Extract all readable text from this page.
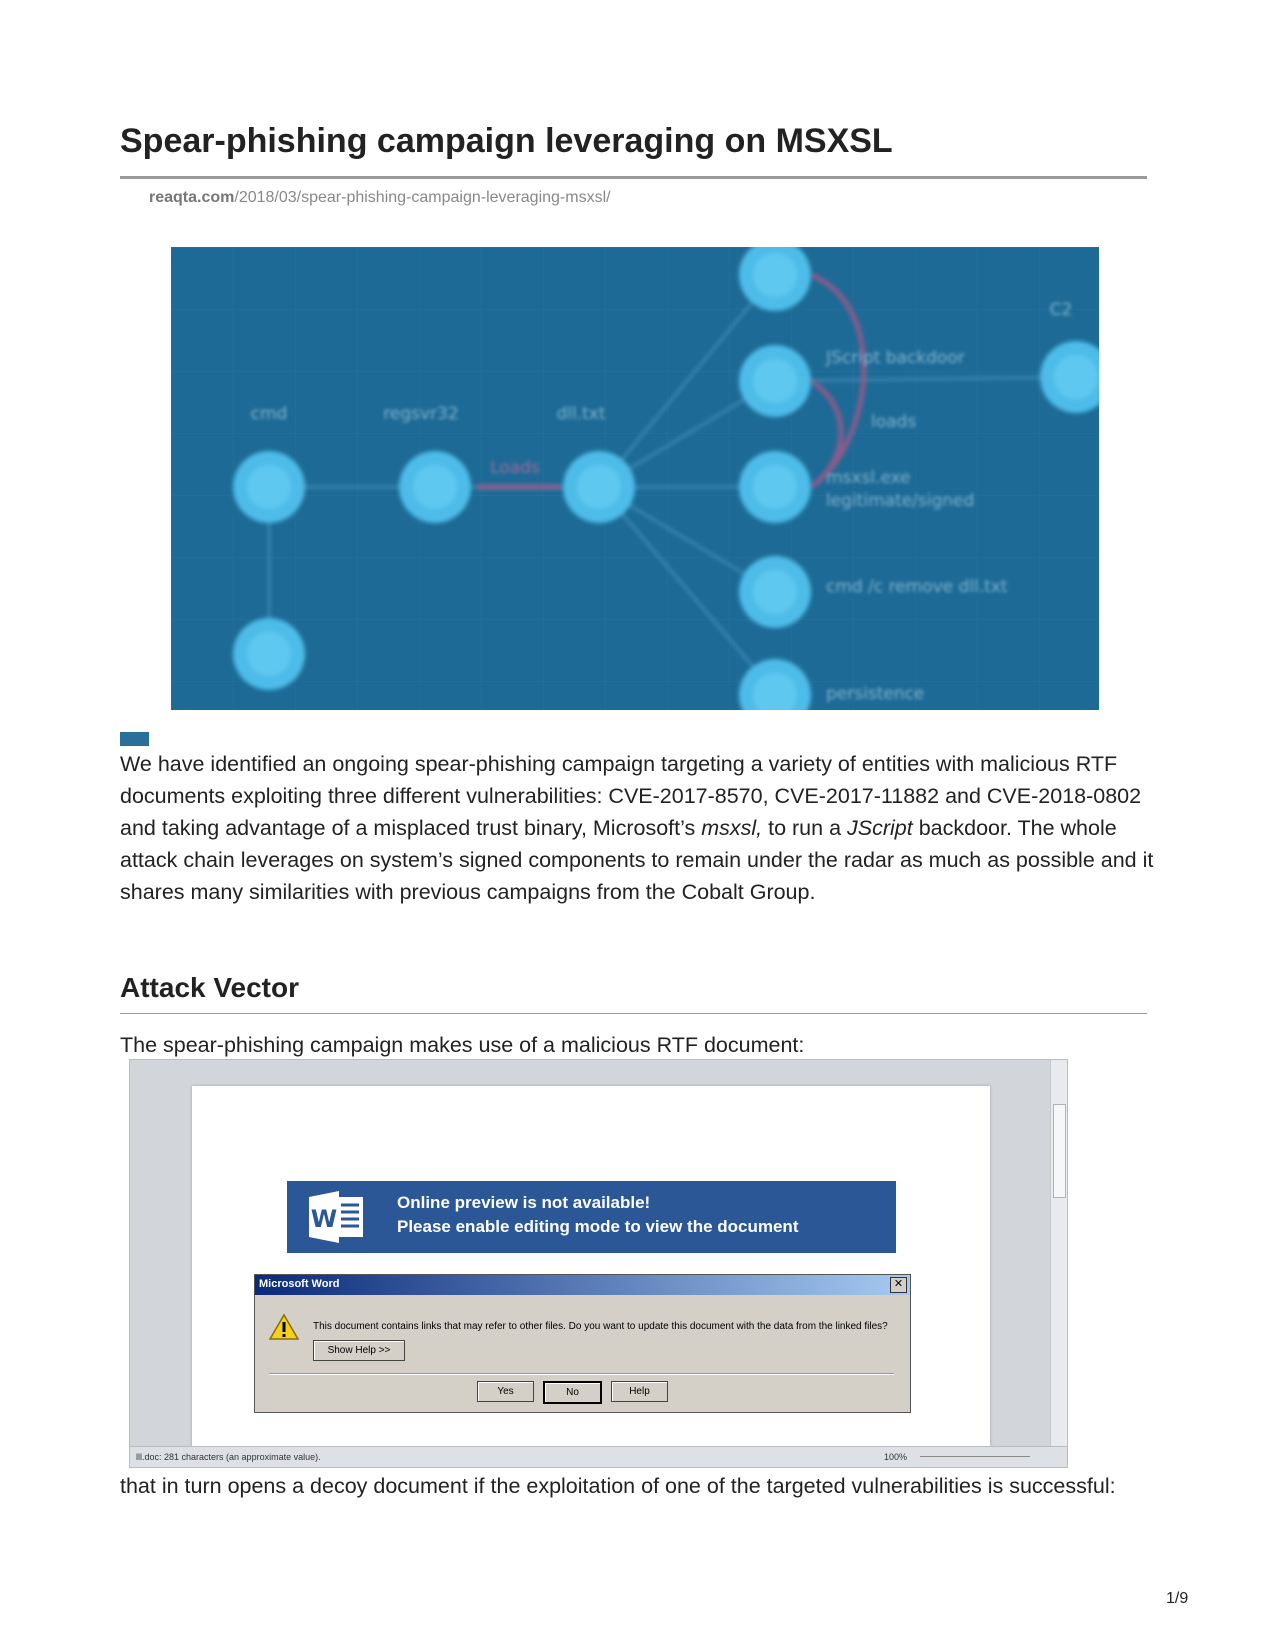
Spear-phishing campaign leveraging on MSXSL
reaqta.com/2018/03/spear-phishing-campaign-leveraging-msxsl/
cmd	regsvr32	dll.txt
JScript backdoor
C2
loads
msxsl.exe
legitimate/signed
cmd /c remove dll.txt
persistence
Loads

We have identified an ongoing spear-phishing campaign targeting a variety of entities with malicious RTF documents exploiting three different vulnerabilities: CVE-2017-8570, CVE-2017-11882 and CVE-2018-0802 and taking advantage of a misplaced trust binary, Microsoft’s msxsl, to run a JScript backdoor. The whole attack chain leverages on system’s signed components to remain under the radar as much as possible and it shares many similarities with previous campaigns from the Cobalt Group.

Attack Vector

The spear-phishing campaign makes use of a malicious RTF document:

W
Online preview is not available!
Please enable editing mode to view the document
Microsoft Word	✕
This document contains links that may refer to other files. Do you want to update this document with the data from the linked files?
Show Help >>
Yes	No	Help
lll.doc: 281 characters (an approximate value).	100%

that in turn opens a decoy document if the exploitation of one of the targeted vulnerabilities is successful:

1/9
